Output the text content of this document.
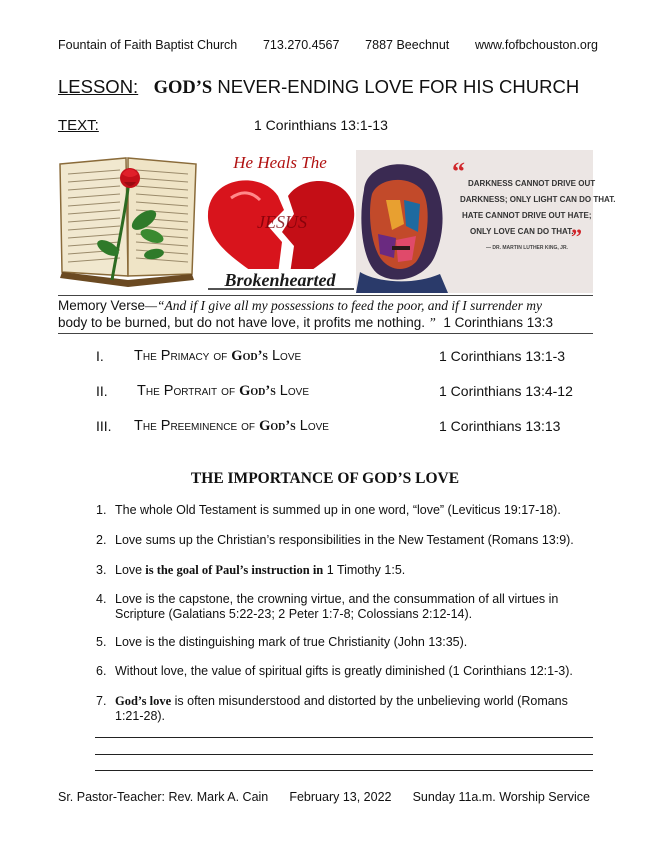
Fountain of Faith Baptist Church 713.270.4567 7887 Beechnut www.fofbchouston.org
LESSON: GOD’S NEVER-ENDING LOVE FOR HIS CHURCH
TEXT:	1 Corinthians 13:1-13
He Heals The
JESUS
Brokenhearted
“
”
DARKNESS CANNOT DRIVE OUT
DARKNESS; ONLY LIGHT CAN DO THAT.
HATE CANNOT DRIVE OUT HATE;
ONLY LOVE CAN DO THAT.
— DR. MARTIN LUTHER KING, JR.
Memory Verse—“And if I give all my possessions to feed the poor, and if I surrender my
body to be burned, but do not have love, it profits me nothing. ” 1 Corinthians 13:3
I. The Primacy of God’s Love	1 Corinthians 13:1-3
II. The Portrait of God’s Love	1 Corinthians 13:4-12
III. The Preeminence of God’s Love	1 Corinthians 13:13
THE IMPORTANCE OF GOD’S LOVE
1. The whole Old Testament is summed up in one word, “love” (Leviticus 19:17-18).
2. Love sums up the Christian’s responsibilities in the New Testament (Romans 13:9).
3. Love is the goal of Paul’s instruction in 1 Timothy 1:5.
4. Love is the capstone, the crowning virtue, and the consummation of all virtues in Scripture (Galatians 5:22-23; 2 Peter 1:7-8; Colossians 2:12-14).
5. Love is the distinguishing mark of true Christianity (John 13:35).
6. Without love, the value of spiritual gifts is greatly diminished (1 Corinthians 12:1-3).
7. God’s love is often misunderstood and distorted by the unbelieving world (Romans 1:21-28).
Sr. Pastor-Teacher: Rev. Mark A. Cain February 13, 2022 Sunday 11a.m. Worship Service
